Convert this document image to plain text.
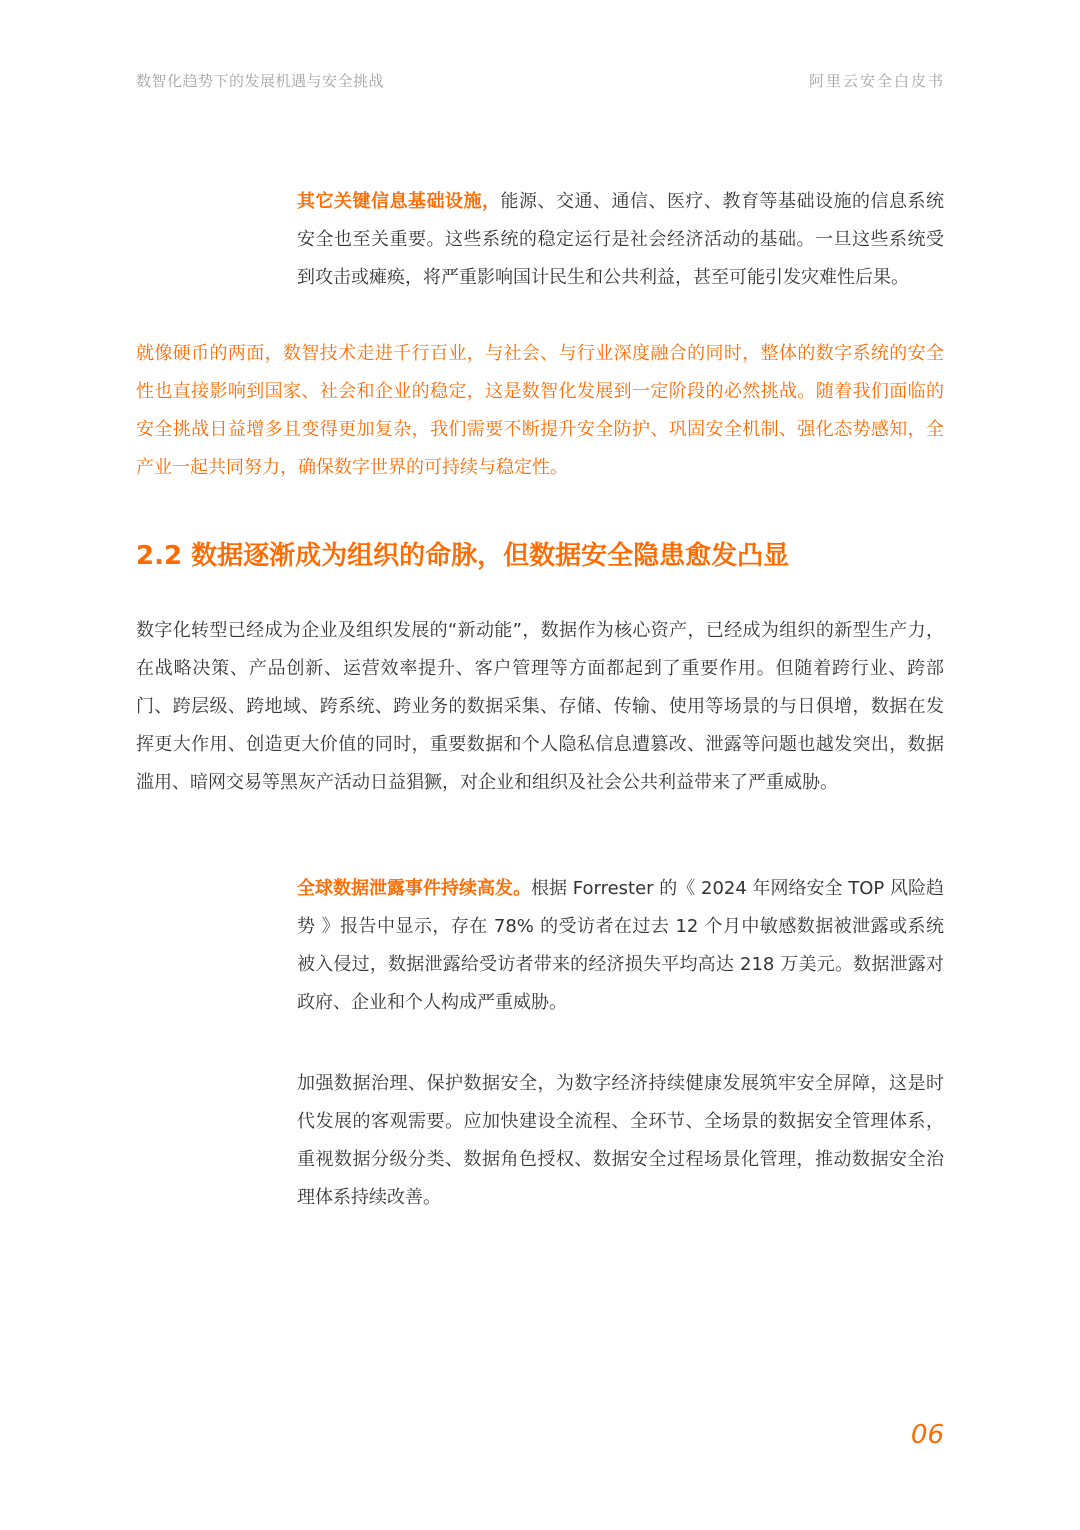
数智化趋势下的发展机遇与安全挑战	阿里云安全白皮书

其它关键信息基础设施，能源、交通、通信、医疗、教育等基础设施的信息系统安全也至关重要。这些系统的稳定运行是社会经济活动的基础。一旦这些系统受到攻击或瘫痪，将严重影响国计民生和公共利益，甚至可能引发灾难性后果。

就像硬币的两面，数智技术走进千行百业，与社会、与行业深度融合的同时，整体的数字系统的安全性也直接影响到国家、社会和企业的稳定，这是数智化发展到一定阶段的必然挑战。随着我们面临的安全挑战日益增多且变得更加复杂，我们需要不断提升安全防护、巩固安全机制、强化态势感知，全产业一起共同努力，确保数字世界的可持续与稳定性。

2.2 数据逐渐成为组织的命脉，但数据安全隐患愈发凸显

数字化转型已经成为企业及组织发展的“新动能”，数据作为核心资产，已经成为组织的新型生产力，在战略决策、产品创新、运营效率提升、客户管理等方面都起到了重要作用。但随着跨行业、跨部门、跨层级、跨地域、跨系统、跨业务的数据采集、存储、传输、使用等场景的与日俱增，数据在发挥更大作用、创造更大价值的同时，重要数据和个人隐私信息遭篡改、泄露等问题也越发突出，数据滥用、暗网交易等黑灰产活动日益猖獗，对企业和组织及社会公共利益带来了严重威胁。

全球数据泄露事件持续高发。根据 Forrester 的《 2024 年网络安全 TOP 风险趋势 》报告中显示，存在 78% 的受访者在过去 12 个月中敏感数据被泄露或系统被入侵过，数据泄露给受访者带来的经济损失平均高达 218 万美元。数据泄露对政府、企业和个人构成严重威胁。

加强数据治理、保护数据安全，为数字经济持续健康发展筑牢安全屏障，这是时代发展的客观需要。应加快建设全流程、全环节、全场景的数据安全管理体系，重视数据分级分类、数据角色授权、数据安全过程场景化管理，推动数据安全治理体系持续改善。

06
